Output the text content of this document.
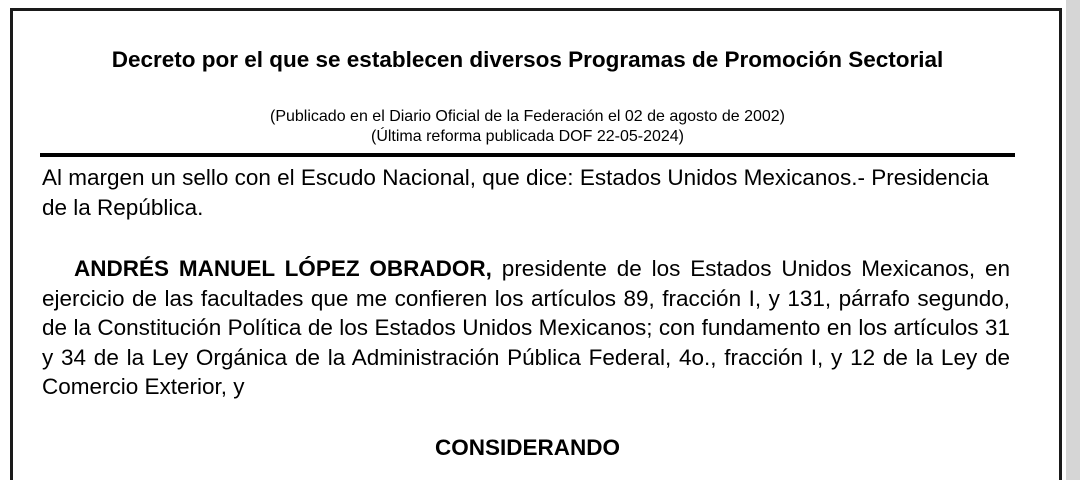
Decreto por el que se establecen diversos Programas de Promoción Sectorial

(Publicado en el Diario Oficial de la Federación el 02 de agosto de 2002)

(Última reforma publicada DOF 22-05-2024)

Al margen un sello con el Escudo Nacional, que dice: Estados Unidos Mexicanos.- Presidencia de la República.

ANDRÉS MANUEL LÓPEZ OBRADOR, presidente de los Estados Unidos Mexicanos, en ejercicio de las facultades que me confieren los artículos 89, fracción I, y 131, párrafo segundo, de la Constitución Política de los Estados Unidos Mexicanos; con fundamento en los artículos 31 y 34 de la Ley Orgánica de la Administración Pública Federal, 4o., fracción I, y 12 de la Ley de Comercio Exterior, y

CONSIDERANDO
